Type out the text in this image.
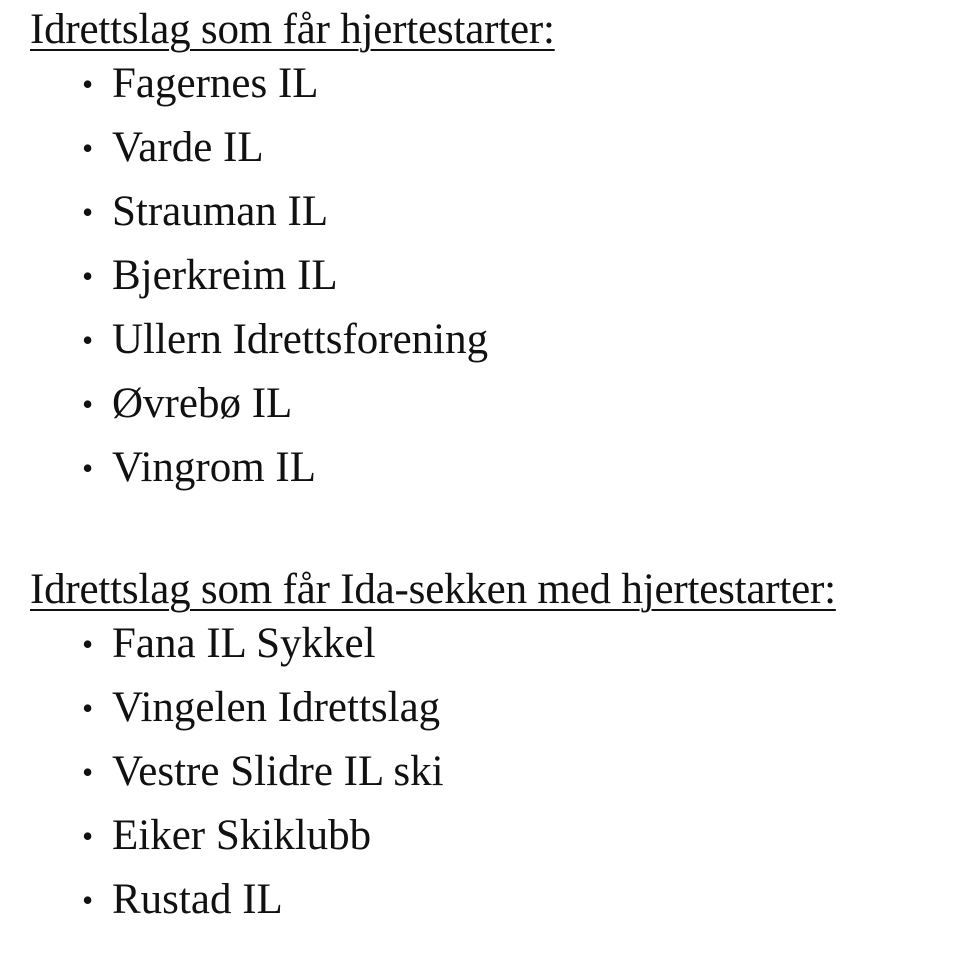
Idrettslag som får hjertestarter:
• Fagernes IL
• Varde IL
• Strauman IL
• Bjerkreim IL
• Ullern Idrettsforening
• Øvrebø IL
• Vingrom IL
Idrettslag som får Ida-sekken med hjertestarter:
• Fana IL Sykkel
• Vingelen Idrettslag
• Vestre Slidre IL ski
• Eiker Skiklubb
• Rustad IL
